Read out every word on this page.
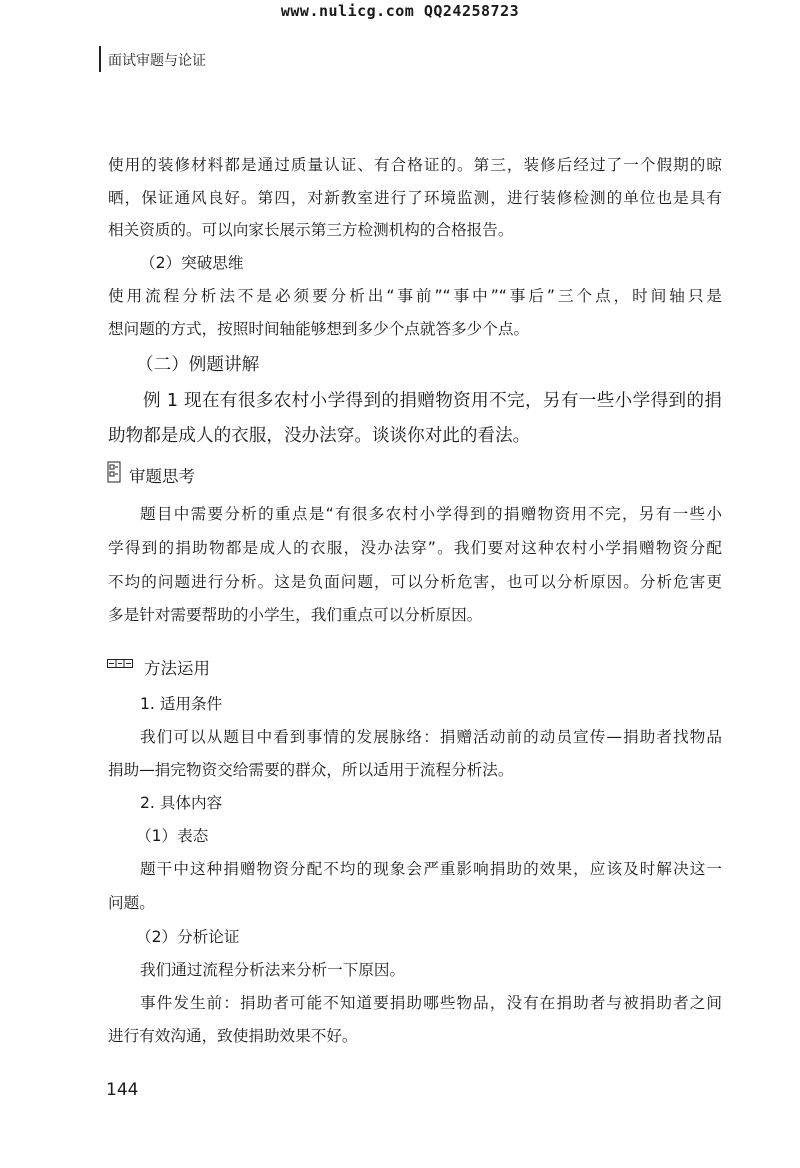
www.nulicg.com QQ24258723
面试审题与论证
使用的装修材料都是通过质量认证、有合格证的。第三，装修后经过了一个假期的晾
晒，保证通风良好。第四，对新教室进行了环境监测，进行装修检测的单位也是具有
相关资质的。可以向家长展示第三方检测机构的合格报告。
（2）突破思维
使用流程分析法不是必须要分析出“事前”“事中”“事后”三个点，时间轴只是
想问题的方式，按照时间轴能够想到多少个点就答多少个点。
（二）例题讲解
例 1 现在有很多农村小学得到的捐赠物资用不完，另有一些小学得到的捐
助物都是成人的衣服，没办法穿。谈谈你对此的看法。
审题思考
题目中需要分析的重点是“有很多农村小学得到的捐赠物资用不完，另有一些小
学得到的捐助物都是成人的衣服，没办法穿”。我们要对这种农村小学捐赠物资分配
不均的问题进行分析。这是负面问题，可以分析危害，也可以分析原因。分析危害更
多是针对需要帮助的小学生，我们重点可以分析原因。
方法运用
1. 适用条件
我们可以从题目中看到事情的发展脉络：捐赠活动前的动员宣传—捐助者找物品
捐助—捐完物资交给需要的群众，所以适用于流程分析法。
2. 具体内容
（1）表态
题干中这种捐赠物资分配不均的现象会严重影响捐助的效果，应该及时解决这一
问题。
（2）分析论证
我们通过流程分析法来分析一下原因。
事件发生前：捐助者可能不知道要捐助哪些物品，没有在捐助者与被捐助者之间
进行有效沟通，致使捐助效果不好。
144
